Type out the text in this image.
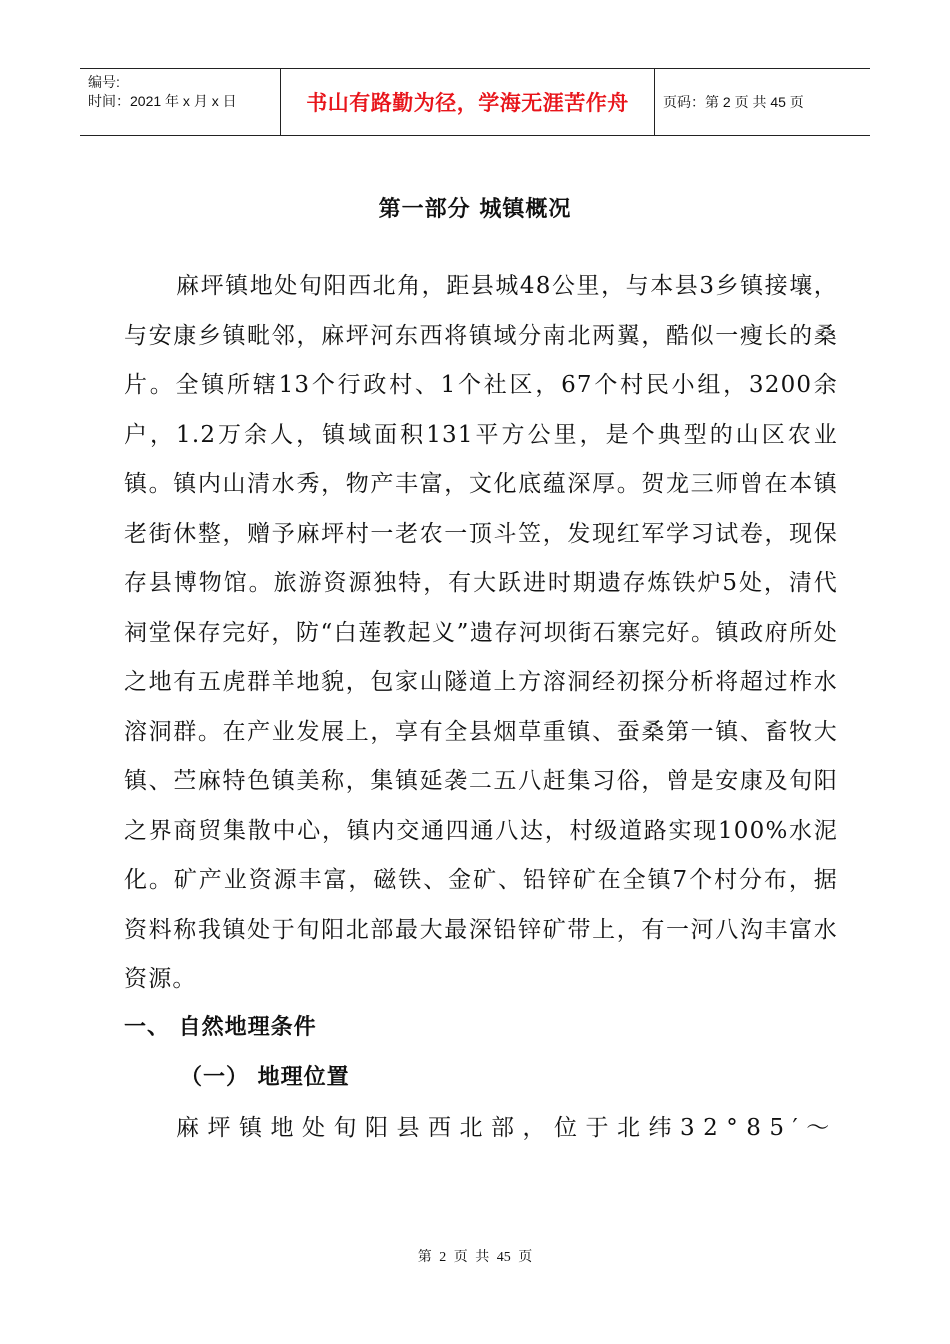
编号:
时间：2021 年 x 月 x 日	书山有路勤为径，学海无涯苦作舟	页码：第 2 页 共 45 页
第一部分 城镇概况

麻坪镇地处旬阳西北角，距县城48公里，与本县3乡镇接壤，与安康乡镇毗邻，麻坪河东西将镇域分南北两翼，酷似一瘦长的桑片。全镇所辖13个行政村、1个社区，67个村民小组，3200余户，1.2万余人，镇域面积131平方公里，是个典型的山区农业镇。镇内山清水秀，物产丰富，文化底蕴深厚。贺龙三师曾在本镇老街休整，赠予麻坪村一老农一顶斗笠，发现红军学习试卷，现保存县博物馆。旅游资源独特，有大跃进时期遗存炼铁炉5处，清代祠堂保存完好，防“白莲教起义”遗存河坝街石寨完好。镇政府所处之地有五虎群羊地貌，包家山隧道上方溶洞经初探分析将超过柞水溶洞群。在产业发展上，享有全县烟草重镇、蚕桑第一镇、畜牧大镇、苎麻特色镇美称，集镇延袭二五八赶集习俗，曾是安康及旬阳之界商贸集散中心，镇内交通四通八达，村级道路实现100%水泥化。矿产业资源丰富，磁铁、金矿、铅锌矿在全镇7个村分布，据资料称我镇处于旬阳北部最大最深铅锌矿带上，有一河八沟丰富水资源。

一、 自然地理条件
（一） 地理位置

麻坪镇地处旬阳县西北部，位于北纬32°85′～

第 2 页 共 45 页
